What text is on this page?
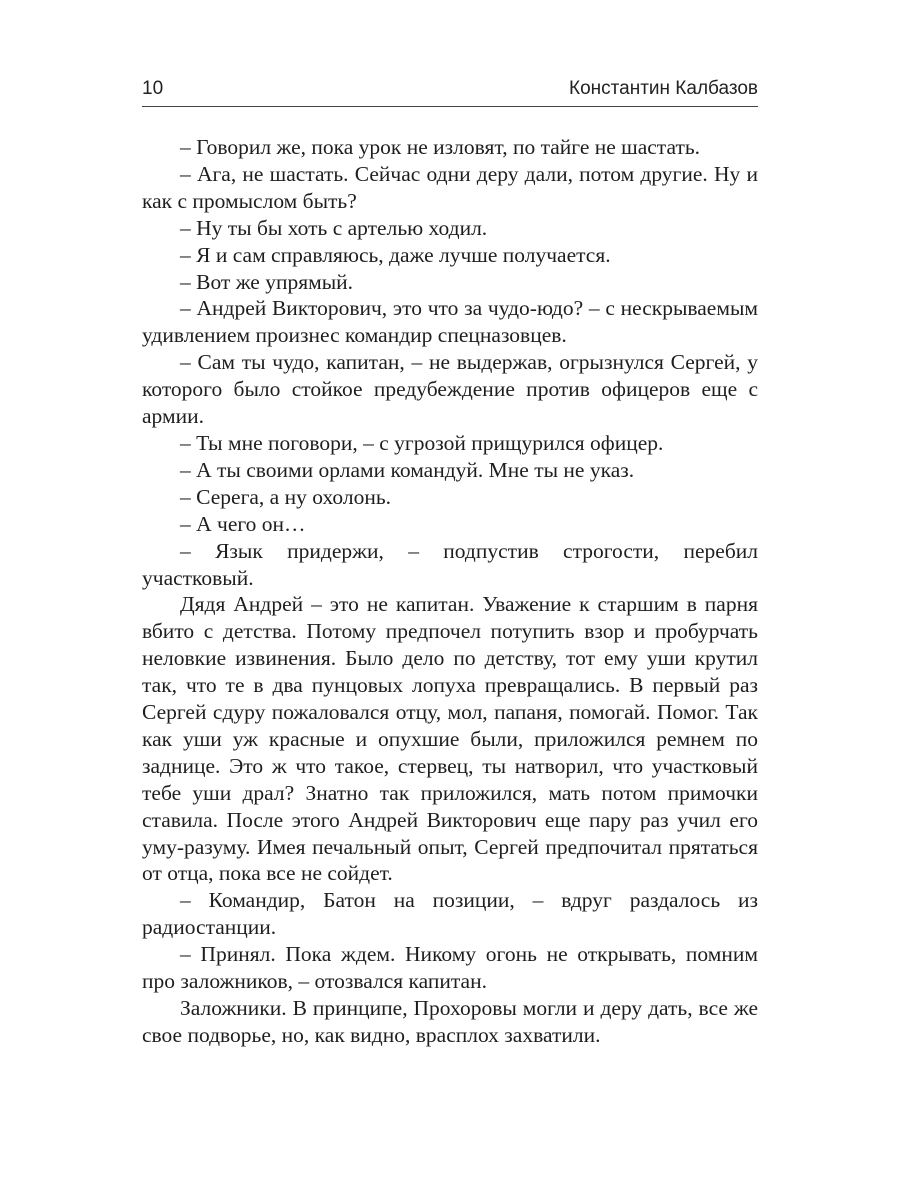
10	Константин Калбазов

– Говорил же, пока урок не изловят, по тайге не шастать.

– Ага, не шастать. Сейчас одни деру дали, потом другие. Ну и как с промыслом быть?

– Ну ты бы хоть с артелью ходил.

– Я и сам справляюсь, даже лучше получается.

– Вот же упрямый.

– Андрей Викторович, это что за чудо-юдо? – с нескрываемым удивлением произнес командир спецназовцев.

– Сам ты чудо, капитан, – не выдержав, огрызнулся Сергей, у которого было стойкое предубеждение против офицеров еще с армии.

– Ты мне поговори, – с угрозой прищурился офицер.

– А ты своими орлами командуй. Мне ты не указ.

– Серега, а ну охолонь.

– А чего он…

– Язык придержи, – подпустив строгости, перебил участковый.

Дядя Андрей – это не капитан. Уважение к старшим в парня вбито с детства. Потому предпочел потупить взор и пробурчать неловкие извинения. Было дело по детству, тот ему уши крутил так, что те в два пунцовых лопуха превращались. В первый раз Сергей сдуру пожаловался отцу, мол, папаня, помогай. Помог. Так как уши уж красные и опухшие были, приложился ремнем по заднице. Это ж что такое, стервец, ты натворил, что участковый тебе уши драл? Знатно так приложился, мать потом примочки ставила. После этого Андрей Викторович еще пару раз учил его уму-разуму. Имея печальный опыт, Сергей предпочитал прятаться от отца, пока все не сойдет.

– Командир, Батон на позиции, – вдруг раздалось из радиостанции.

– Принял. Пока ждем. Никому огонь не открывать, помним про заложников, – отозвался капитан.

Заложники. В принципе, Прохоровы могли и деру дать, все же свое подворье, но, как видно, врасплох захватили.
